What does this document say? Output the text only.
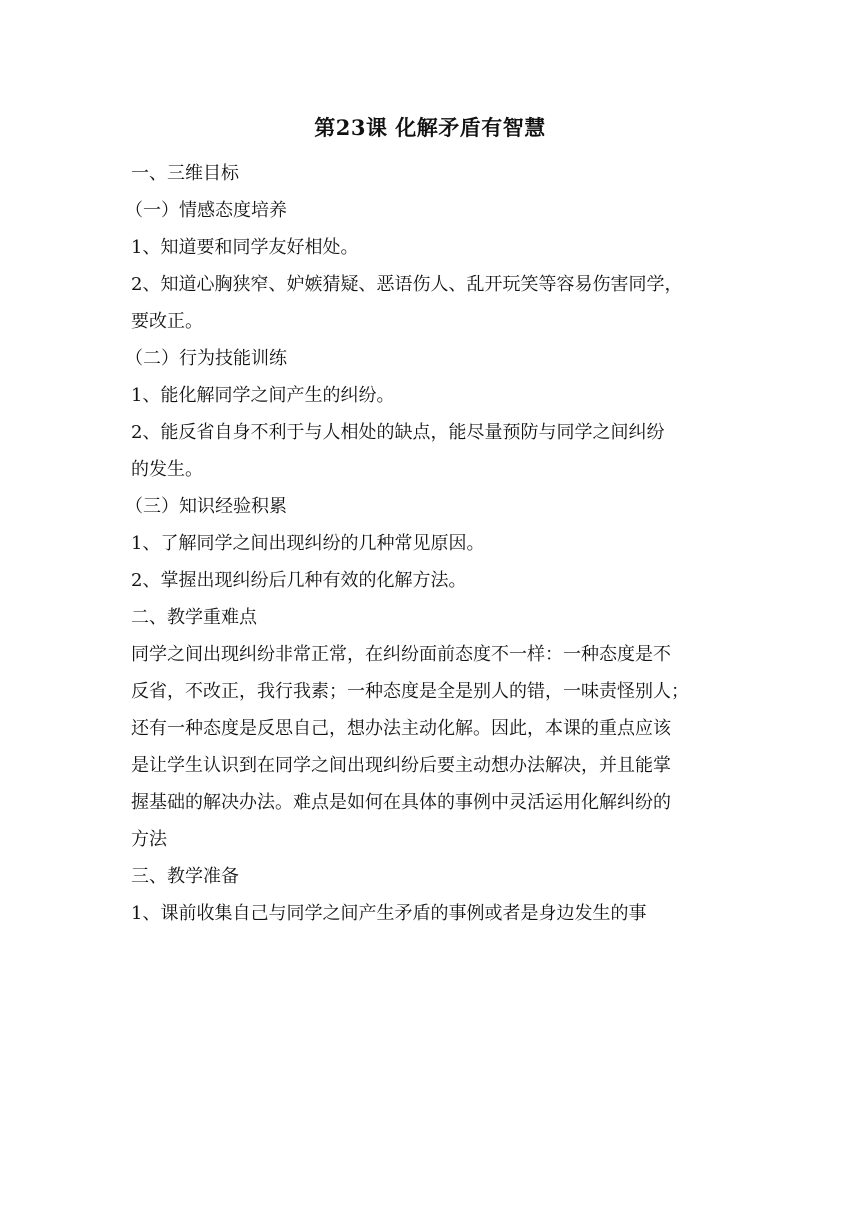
第23课 化解矛盾有智慧

一、三维目标

（一）情感态度培养

1、知道要和同学友好相处。

2、知道心胸狭窄、妒嫉猜疑、恶语伤人、乱开玩笑等容易伤害同学，

要改正。

（二）行为技能训练

1、能化解同学之间产生的纠纷。

2、能反省自身不利于与人相处的缺点，能尽量预防与同学之间纠纷

的发生。

（三）知识经验积累

1、了解同学之间出现纠纷的几种常见原因。

2、掌握出现纠纷后几种有效的化解方法。

二、教学重难点

同学之间出现纠纷非常正常，在纠纷面前态度不一样：一种态度是不

反省，不改正，我行我素；一种态度是全是别人的错，一味责怪别人；

还有一种态度是反思自己，想办法主动化解。因此，本课的重点应该

是让学生认识到在同学之间出现纠纷后要主动想办法解决，并且能掌

握基础的解决办法。难点是如何在具体的事例中灵活运用化解纠纷的

方法

三、教学准备

1、课前收集自己与同学之间产生矛盾的事例或者是身边发生的事
